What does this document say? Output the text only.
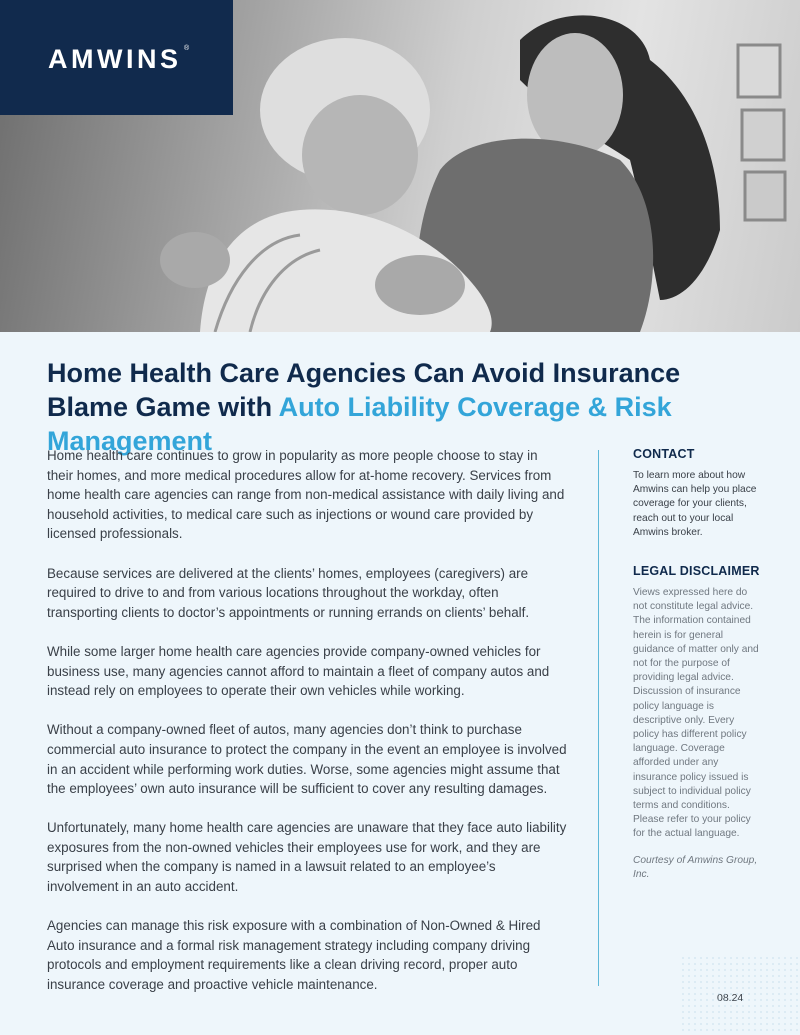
AMWINS ®
Home Health Care Agencies Can Avoid Insurance Blame Game with Auto Liability Coverage & Risk Management

Home health care continues to grow in popularity as more people choose to stay in their homes, and more medical procedures allow for at-home recovery. Services from home health care agencies can range from non-medical assistance with daily living and household activities, to medical care such as injections or wound care provided by licensed professionals.

Because services are delivered at the clients’ homes, employees (caregivers) are required to drive to and from various locations throughout the workday, often transporting clients to doctor’s appointments or running errands on clients’ behalf.

While some larger home health care agencies provide company-owned vehicles for business use, many agencies cannot afford to maintain a fleet of company autos and instead rely on employees to operate their own vehicles while working.

Without a company-owned fleet of autos, many agencies don’t think to purchase commercial auto insurance to protect the company in the event an employee is involved in an accident while performing work duties. Worse, some agencies might assume that the employees’ own auto insurance will be sufficient to cover any resulting damages.

Unfortunately, many home health care agencies are unaware that they face auto liability exposures from the non-owned vehicles their employees use for work, and they are surprised when the company is named in a lawsuit related to an employee’s involvement in an auto accident.

Agencies can manage this risk exposure with a combination of Non-Owned & Hired Auto insurance and a formal risk management strategy including company driving protocols and employment requirements like a clean driving record, proper auto insurance coverage and proactive vehicle maintenance.

CONTACT
To learn more about how Amwins can help you place coverage for your clients, reach out to your local Amwins broker.
LEGAL DISCLAIMER
Views expressed here do not constitute legal advice. The information contained herein is for general guidance of matter only and not for the purpose of providing legal advice. Discussion of insurance policy language is descriptive only. Every policy has different policy language. Coverage afforded under any insurance policy issued is subject to individual policy terms and conditions. Please refer to your policy for the actual language.
Courtesy of Amwins Group, Inc.
08.24
